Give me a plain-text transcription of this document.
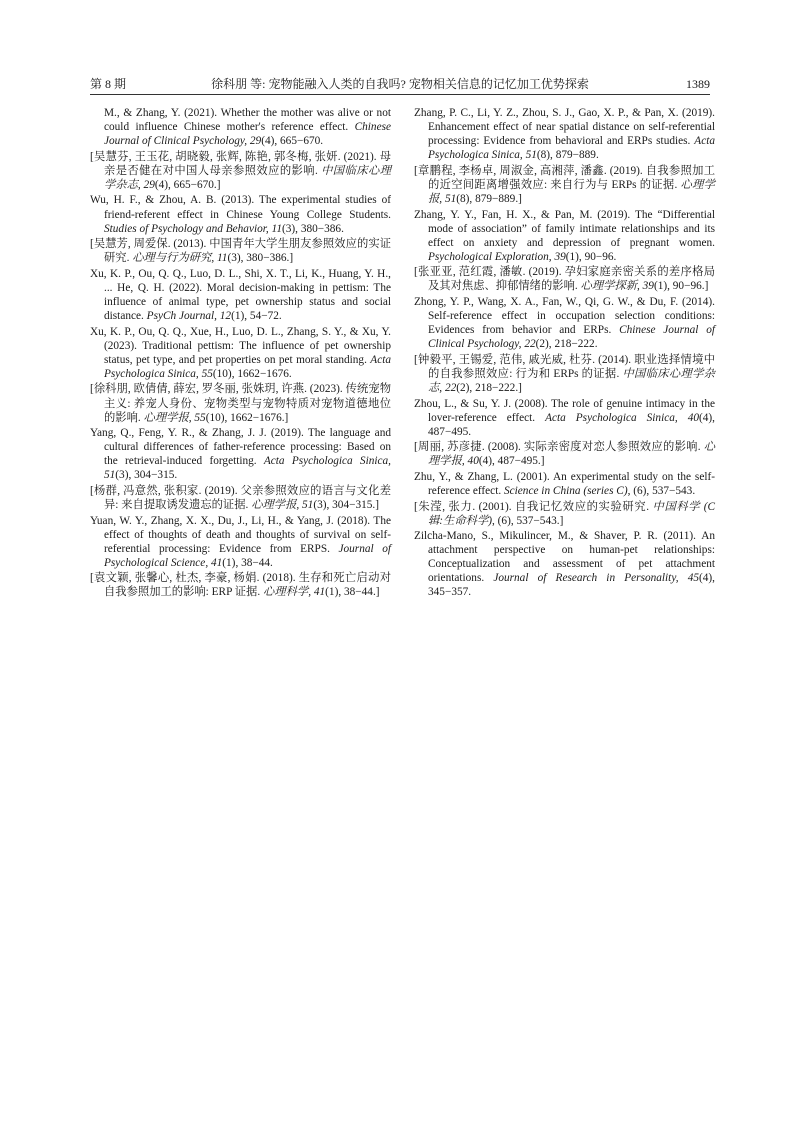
第 8 期	徐科朋 等: 宠物能融入人类的自我吗? 宠物相关信息的记忆加工优势探索	1389
M., & Zhang, Y. (2021). Whether the mother was alive or not could influence Chinese mother's reference effect. Chinese Journal of Clinical Psychology, 29(4), 665−670.
[吴慧芬, 王玉花, 胡晓毅, 张辉, 陈艳, 郭冬梅, 张妍. (2021). 母亲是否健在对中国人母亲参照效应的影响. 中国临床心理学杂志, 29(4), 665−670.]
Wu, H. F., & Zhou, A. B. (2013). The experimental studies of friend-referent effect in Chinese Young College Students. Studies of Psychology and Behavior, 11(3), 380−386.
[吴慧芳, 周爱保. (2013). 中国青年大学生朋友参照效应的实证研究. 心理与行为研究, 11(3), 380−386.]
Xu, K. P., Ou, Q. Q., Luo, D. L., Shi, X. T., Li, K., Huang, Y. H., ... He, Q. H. (2022). Moral decision-making in pettism: The influence of animal type, pet ownership status and social distance. PsyCh Journal, 12(1), 54−72.
Xu, K. P., Ou, Q. Q., Xue, H., Luo, D. L., Zhang, S. Y., & Xu, Y. (2023). Traditional pettism: The influence of pet ownership status, pet type, and pet properties on pet moral standing. Acta Psychologica Sinica, 55(10), 1662−1676.
[徐科朋, 欧倩倩, 薛宏, 罗冬丽, 张姝玥, 许燕. (2023). 传统宠物主义: 养宠人身份、宠物类型与宠物特质对宠物道德地位的影响. 心理学报, 55(10), 1662−1676.]
Yang, Q., Feng, Y. R., & Zhang, J. J. (2019). The language and cultural differences of father-reference processing: Based on the retrieval-induced forgetting. Acta Psychologica Sinica, 51(3), 304−315.
[杨群, 冯意然, 张积家. (2019). 父亲参照效应的语言与文化差异: 来自提取诱发遗忘的证据. 心理学报, 51(3), 304−315.]
Yuan, W. Y., Zhang, X. X., Du, J., Li, H., & Yang, J. (2018). The effect of thoughts of death and thoughts of survival on self-referential processing: Evidence from ERPS. Journal of Psychological Science, 41(1), 38−44.
[袁文颖, 张馨心, 杜杰, 李豪, 杨娟. (2018). 生存和死亡启动对自我参照加工的影响: ERP 证据. 心理科学, 41(1), 38−44.]
Zhang, P. C., Li, Y. Z., Zhou, S. J., Gao, X. P., & Pan, X. (2019). Enhancement effect of near spatial distance on self-referential processing: Evidence from behavioral and ERPs studies. Acta Psychologica Sinica, 51(8), 879−889.
[章鹏程, 李杨卓, 周淑金, 高湘萍, 潘鑫. (2019). 自我参照加工的近空间距离增强效应: 来自行为与 ERPs 的证据. 心理学报, 51(8), 879−889.]
Zhang, Y. Y., Fan, H. X., & Pan, M. (2019). The “Differential mode of association” of family intimate relationships and its effect on anxiety and depression of pregnant women. Psychological Exploration, 39(1), 90−96.
[张亚亚, 范红霞, 潘敏. (2019). 孕妇家庭亲密关系的差序格局及其对焦虑、抑郁情绪的影响. 心理学探新, 39(1), 90−96.]
Zhong, Y. P., Wang, X. A., Fan, W., Qi, G. W., & Du, F. (2014). Self-reference effect in occupation selection conditions: Evidences from behavior and ERPs. Chinese Journal of Clinical Psychology, 22(2), 218−222.
[钟毅平, 王锡爱, 范伟, 戚光威, 杜芬. (2014). 职业选择情境中的自我参照效应: 行为和 ERPs 的证据. 中国临床心理学杂志, 22(2), 218−222.]
Zhou, L., & Su, Y. J. (2008). The role of genuine intimacy in the lover-reference effect. Acta Psychologica Sinica, 40(4), 487−495.
[周丽, 苏彦捷. (2008). 实际亲密度对恋人参照效应的影响. 心理学报, 40(4), 487−495.]
Zhu, Y., & Zhang, L. (2001). An experimental study on the self-reference effect. Science in China (series C), (6), 537−543.
[朱滢, 张力. (2001). 自我记忆效应的实验研究. 中国科学 (C 辑:生命科学), (6), 537−543.]
Zilcha-Mano, S., Mikulincer, M., & Shaver, P. R. (2011). An attachment perspective on human-pet relationships: Conceptualization and assessment of pet attachment orientations. Journal of Research in Personality, 45(4), 345−357.
